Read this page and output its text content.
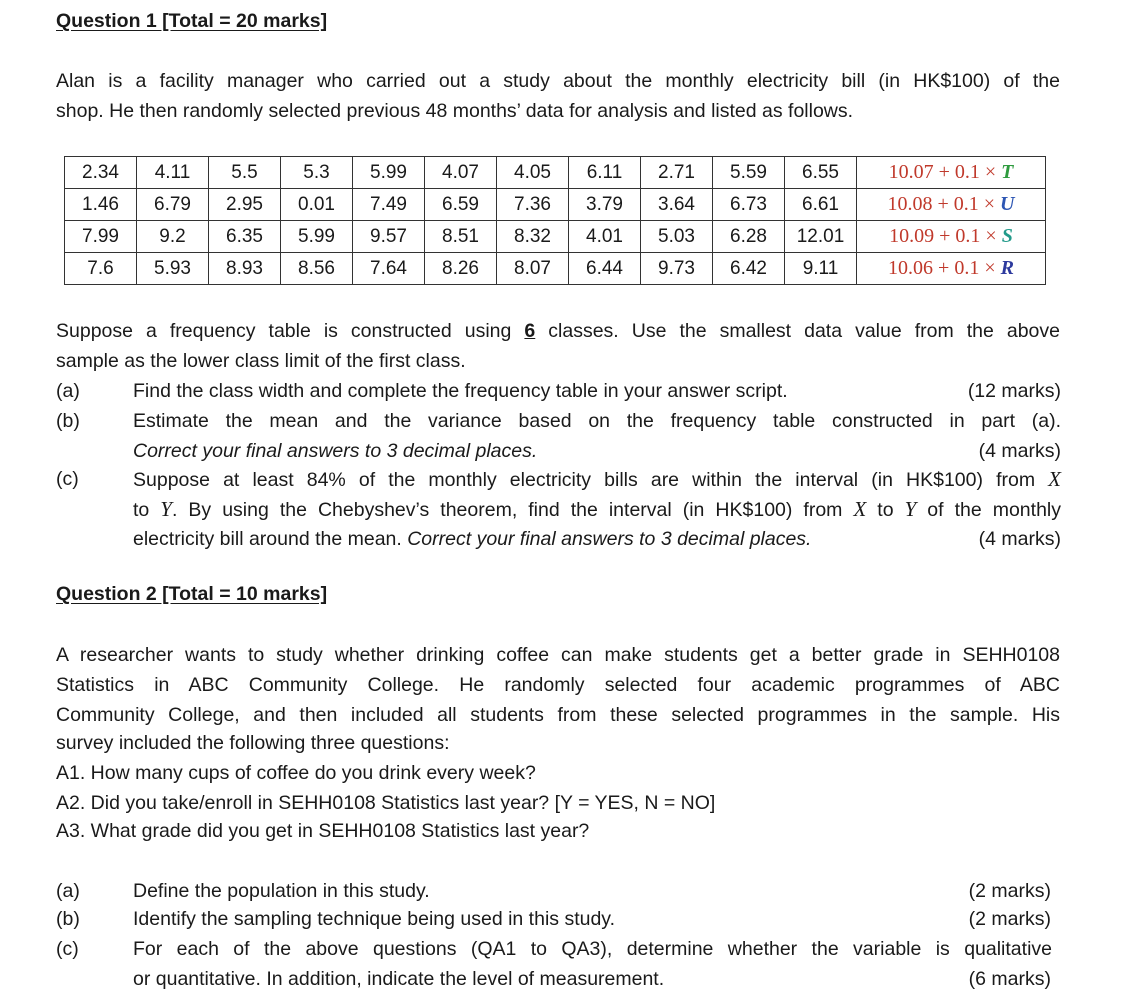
Question 1 [Total = 20 marks]
Alan is a facility manager who carried out a study about the monthly electricity bill (in HK$100) of the
shop. He then randomly selected previous 48 months’ data for analysis and listed as follows.
2.34	4.11	5.5	5.3	5.99	4.07	4.05	6.11	2.71	5.59	6.55	10.07 + 0.1 × T
1.46	6.79	2.95	0.01	7.49	6.59	7.36	3.79	3.64	6.73	6.61	10.08 + 0.1 × U
7.99	9.2	6.35	5.99	9.57	8.51	8.32	4.01	5.03	6.28	12.01	10.09 + 0.1 × S
7.6	5.93	8.93	8.56	7.64	8.26	8.07	6.44	9.73	6.42	9.11	10.06 + 0.1 × R
Suppose a frequency table is constructed using 6 classes. Use the smallest data value from the above
sample as the lower class limit of the first class.
(a)	Find the class width and complete the frequency table in your answer script.	(12 marks)
(b)	Estimate the mean and the variance based on the frequency table constructed in part (a).
Correct your final answers to 3 decimal places.	(4 marks)
(c)	Suppose at least 84% of the monthly electricity bills are within the interval (in HK$100) from X
to Y. By using the Chebyshev’s theorem, find the interval (in HK$100) from X to Y of the monthly
electricity bill around the mean. Correct your final answers to 3 decimal places.	(4 marks)
Question 2 [Total = 10 marks]
A researcher wants to study whether drinking coffee can make students get a better grade in SEHH0108
Statistics in ABC Community College. He randomly selected four academic programmes of ABC
Community College, and then included all students from these selected programmes in the sample. His
survey included the following three questions:
A1. How many cups of coffee do you drink every week?
A2. Did you take/enroll in SEHH0108 Statistics last year? [Y = YES, N = NO]
A3. What grade did you get in SEHH0108 Statistics last year?
(a)	Define the population in this study.	(2 marks)
(b)	Identify the sampling technique being used in this study.	(2 marks)
(c)	For each of the above questions (QA1 to QA3), determine whether the variable is qualitative
or quantitative. In addition, indicate the level of measurement.	(6 marks)
